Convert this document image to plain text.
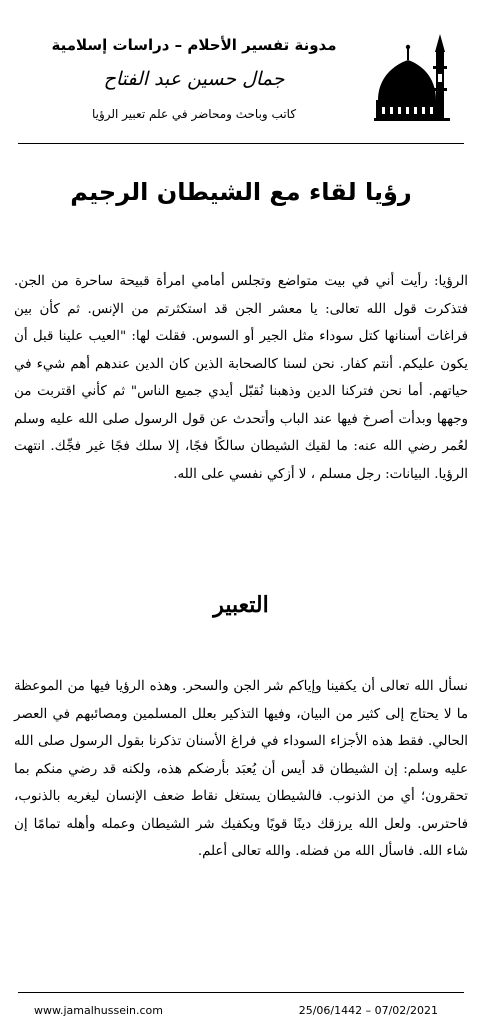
مدونة تفسير الأحلام – دراسات إسلامية
جمال حسين عبد الفتاح
كاتب وباحث ومحاضر في علم تعبير الرؤيا
رؤيا لقاء مع الشيطان الرجيم
الرؤيا: رأيت أني في بيت متواضع وتجلس أمامي امرأة قبيحة ساحرة من الجن. فتذكرت قول الله تعالى: يا معشر الجن قد استكثرتم من الإنس. ثم كأن بين فراغات أسنانها كتل سوداء مثل الجير أو السوس. فقلت لها: "العيب علينا قبل أن يكون عليكم. أنتم كفار. نحن لسنا كالصحابة الذين كان الدين عندهم أهم شيء في حياتهم. أما نحن فتركنا الدين وذهبنا نُقبّل أيدي جميع الناس" ثم كأني اقتربت من وجهها وبدأت أصرخ فيها عند الباب وأتحدث عن قول الرسول صلى الله عليه وسلم لعُمر رضي الله عنه: ما لقيك الشيطان سالكًا فجًا، إلا سلك فجًا غير فجِّك. انتهت الرؤيا. البيانات: رجل مسلم ، لا أزكي نفسي على الله.
التعبير
نسأل الله تعالى أن يكفينا وإياكم شر الجن والسحر. وهذه الرؤيا فيها من الموعظة ما لا يحتاج إلى كثير من البيان، وفيها التذكير بعلل المسلمين ومصائبهم في العصر الحالي. فقط هذه الأجزاء السوداء في فراغ الأسنان تذكرنا بقول الرسول صلى الله عليه وسلم: إن الشيطان قد أيس أن يُعبَد بأرضكم هذه، ولكنه قد رضي منكم بما تحقرون؛ أي من الذنوب. فالشيطان يستغل نقاط ضعف الإنسان ليغريه بالذنوب، فاحترس. ولعل الله يرزقك دينًا قويًا ويكفيك شر الشيطان وعمله وأهله تمامًا إن شاء الله. فاسأل الله من فضله. والله تعالى أعلم.
www.jamalhussein.com	25/06/1442 – 07/02/2021
